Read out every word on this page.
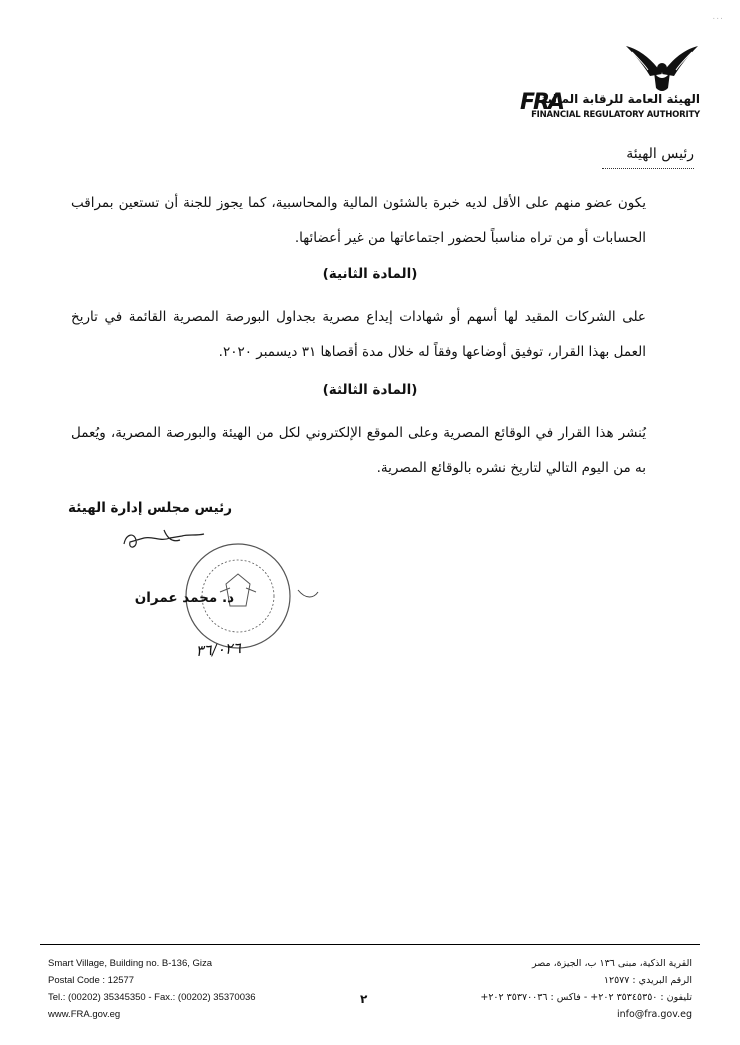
...
FRA
الهيئة العامة للرقابة المالية
FINANCIAL REGULATORY AUTHORITY
رئيس الهيئة
يكون عضو منهم على الأقل لديه خبرة بالشئون المالية والمحاسبية، كما يجوز للجنة أن تستعين بمراقب الحسابات أو من تراه مناسباً لحضور اجتماعاتها من غير أعضائها.
(المادة الثانية)
على الشركات المقيد لها أسهم أو شهادات إيداع مصرية بجداول البورصة المصرية القائمة في تاريخ العمل بهذا القرار، توفيق أوضاعها وفقاً له خلال مدة أقصاها ٣١ ديسمبر ٢٠٢٠.
(المادة الثالثة)
يُنشر هذا القرار في الوقائع المصرية وعلى الموقع الإلكتروني لكل من الهيئة والبورصة المصرية، ويُعمل به من اليوم التالي لتاريخ نشره بالوقائع المصرية.
رئيس مجلس إدارة الهيئة
د. محمد عمران
٣٦/٠٢٦
Smart Village, Building no. B-136, Giza
Postal Code : 12577
Tel.: (00202) 35345350 - Fax.: (00202) 35370036
www.FRA.gov.eg
٢
القرية الذكية، مبنى ١٣٦ ب، الجيزة، مصر
الرقم البريدي : ١٢٥٧٧
تليفون : ٣٥٣٤٥٣٥٠ ٢٠٢+ - فاكس : ٣٥٣٧٠٠٣٦ ٢٠٢+
info@fra.gov.eg
